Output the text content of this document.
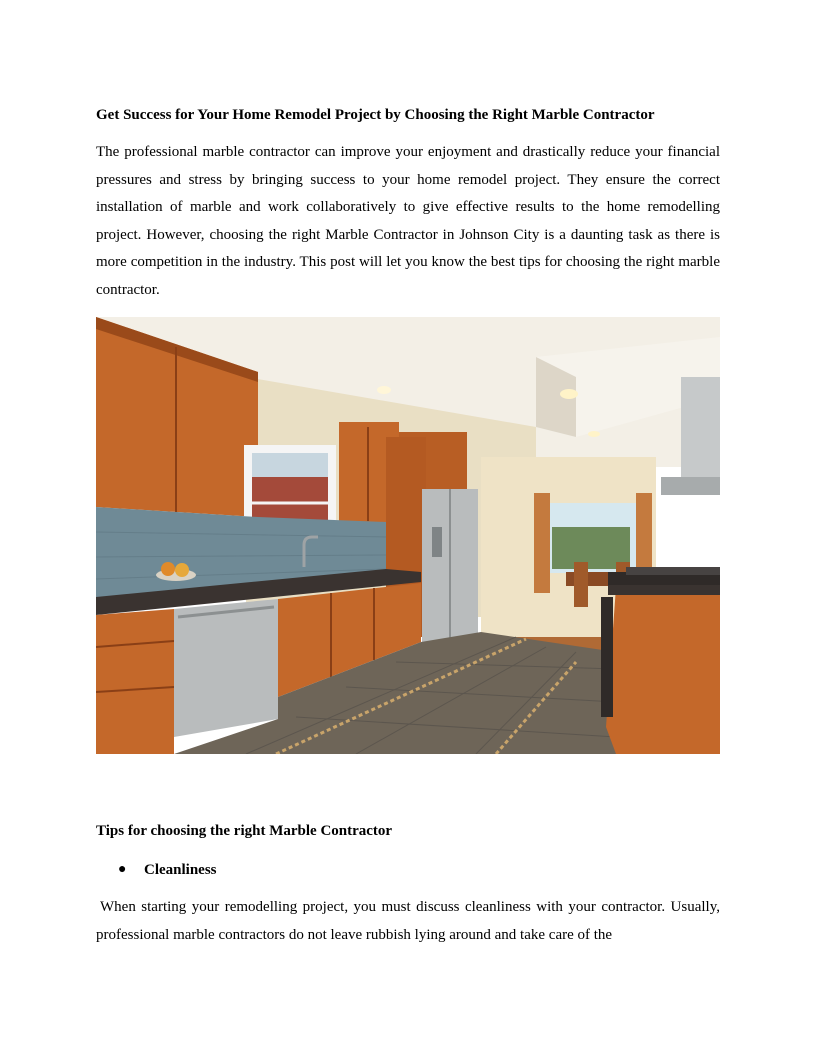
Get Success for Your Home Remodel Project by Choosing the Right Marble Contractor

The professional marble contractor can improve your enjoyment and drastically reduce your financial pressures and stress by bringing success to your home remodel project. They ensure the correct installation of marble and work collaboratively to give effective results to the home remodelling project. However, choosing the right Marble Contractor in Johnson City is a daunting task as there is more competition in the industry. This post will let you know the best tips for choosing the right marble contractor.

Tips for choosing the right Marble Contractor
●	Cleanliness

When starting your remodelling project, you must discuss cleanliness with your contractor. Usually, professional marble contractors do not leave rubbish lying around and take care of the
